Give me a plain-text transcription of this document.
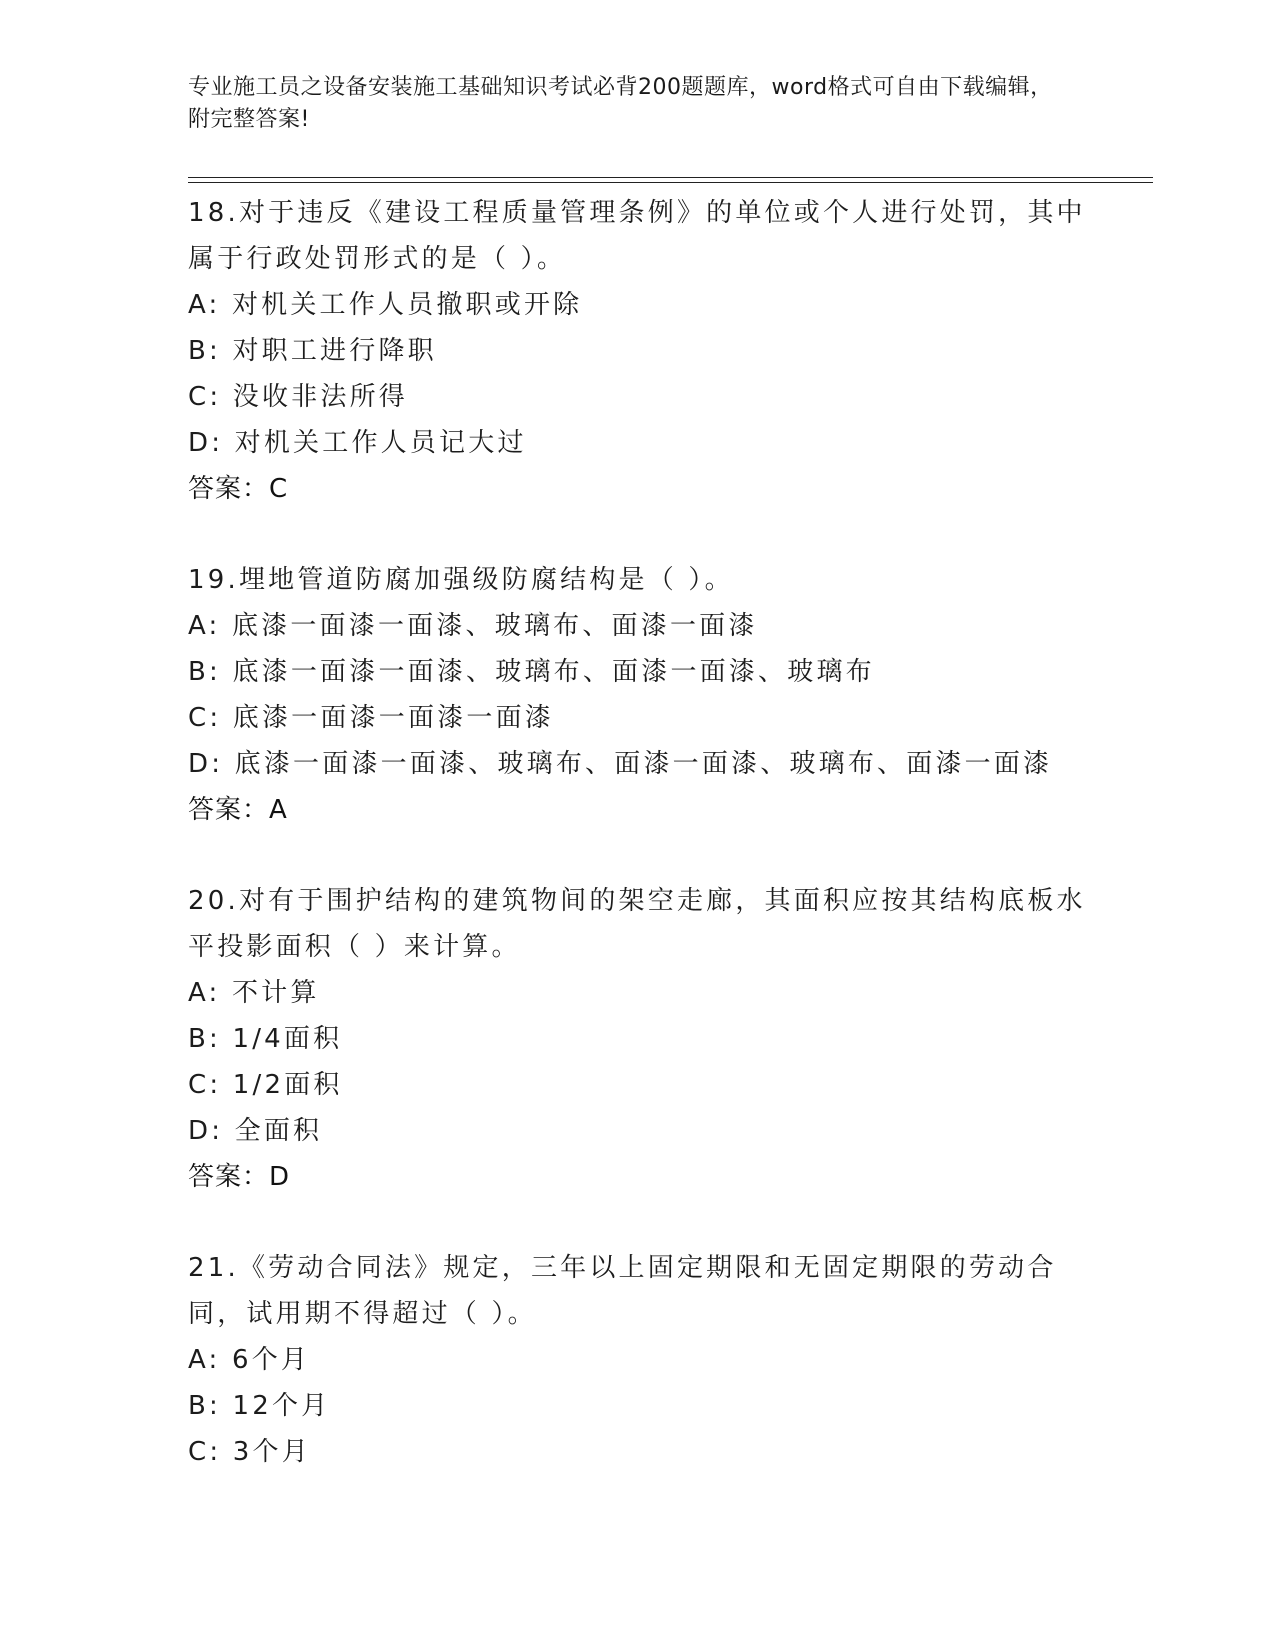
专业施工员之设备安装施工基础知识考试必背200题题库，word格式可自由下载编辑，附完整答案!
18.对于违反《建设工程质量管理条例》的单位或个人进行处罚，其中属于行政处罚形式的是（ ）。
A: 对机关工作人员撤职或开除
B: 对职工进行降职
C: 没收非法所得
D: 对机关工作人员记大过
答案：C
19.埋地管道防腐加强级防腐结构是（ ）。
A: 底漆一面漆一面漆、玻璃布、面漆一面漆
B: 底漆一面漆一面漆、玻璃布、面漆一面漆、玻璃布
C: 底漆一面漆一面漆一面漆
D: 底漆一面漆一面漆、玻璃布、面漆一面漆、玻璃布、面漆一面漆
答案：A
20.对有于围护结构的建筑物间的架空走廊，其面积应按其结构底板水平投影面积（ ）来计算。
A: 不计算
B: 1/4面积
C: 1/2面积
D: 全面积
答案：D
21.《劳动合同法》规定，三年以上固定期限和无固定期限的劳动合同，试用期不得超过（ ）。
A: 6个月
B: 12个月
C: 3个月
